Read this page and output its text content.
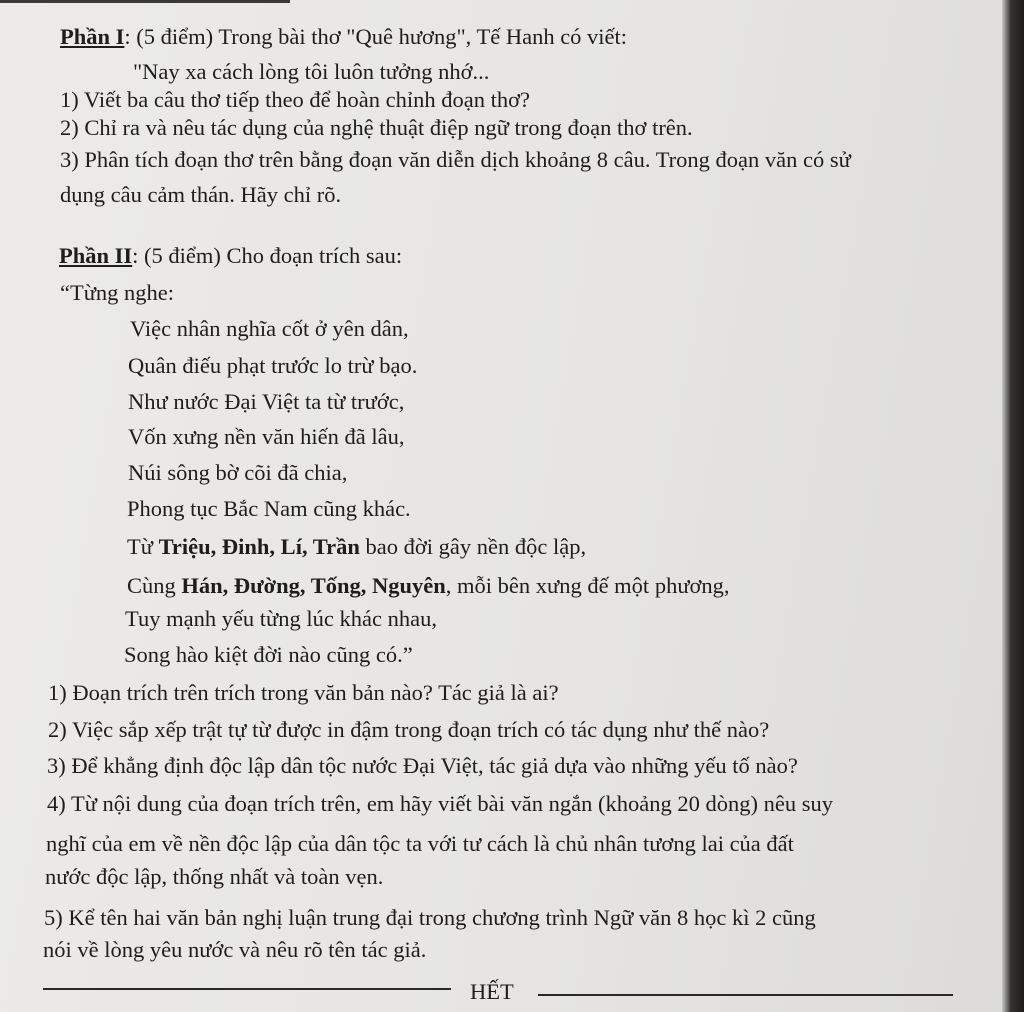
Phần I: (5 điểm) Trong bài thơ "Quê hương", Tế Hanh có viết:
"Nay xa cách lòng tôi luôn tưởng nhớ...
1) Viết ba câu thơ tiếp theo để hoàn chỉnh đoạn thơ?
2) Chỉ ra và nêu tác dụng của nghệ thuật điệp ngữ trong đoạn thơ trên.
3) Phân tích đoạn thơ trên bằng đoạn văn diễn dịch khoảng 8 câu. Trong đoạn văn có sử
dụng câu cảm thán. Hãy chỉ rõ.
Phần II: (5 điểm) Cho đoạn trích sau:
“Từng nghe:
Việc nhân nghĩa cốt ở yên dân,
Quân điếu phạt trước lo trừ bạo.
Như nước Đại Việt ta từ trước,
Vốn xưng nền văn hiến đã lâu,
Núi sông bờ cõi đã chia,
Phong tục Bắc Nam cũng khác.
Từ Triệu, Đinh, Lí, Trần bao đời gây nền độc lập,
Cùng Hán, Đường, Tống, Nguyên, mỗi bên xưng đế một phương,
Tuy mạnh yếu từng lúc khác nhau,
Song hào kiệt đời nào cũng có.”
1) Đoạn trích trên trích trong văn bản nào? Tác giả là ai?
2) Việc sắp xếp trật tự từ được in đậm trong đoạn trích có tác dụng như thế nào?
3) Để khẳng định độc lập dân tộc nước Đại Việt, tác giả dựa vào những yếu tố nào?
4) Từ nội dung của đoạn trích trên, em hãy viết bài văn ngắn (khoảng 20 dòng) nêu suy
nghĩ của em về nền độc lập của dân tộc ta với tư cách là chủ nhân tương lai của đất
nước độc lập, thống nhất và toàn vẹn.
5) Kể tên hai văn bản nghị luận trung đại trong chương trình Ngữ văn 8 học kì 2 cũng
nói về lòng yêu nước và nêu rõ tên tác giả.
HẾT
